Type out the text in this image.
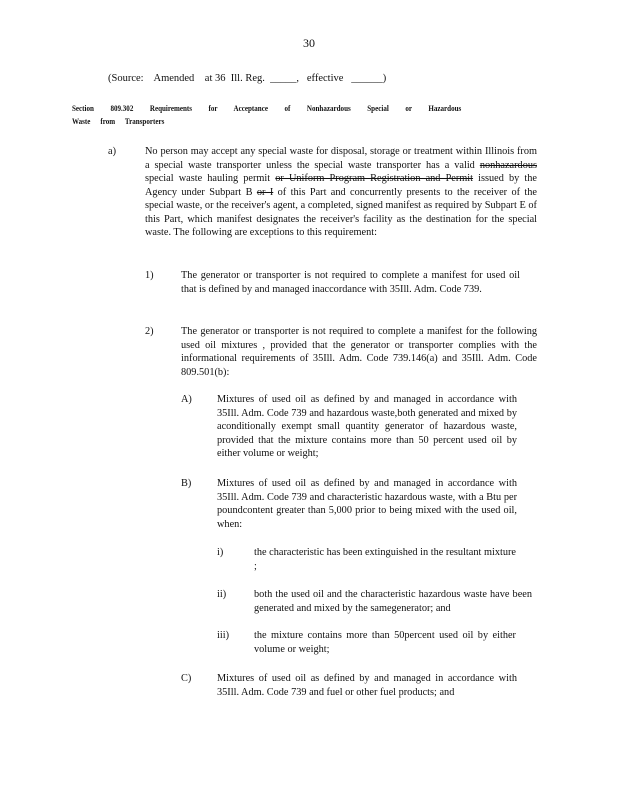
30
(Source:    Amended    at 36  Ill. Reg.  _____,   effective   ______)
Section 809.302 Requirements for Acceptance of Nonhazardous Special or Hazardous
Waste from Transporters
a)	No person may accept any special waste for disposal, storage or treatment within Illinois from a special waste transporter unless the special waste transporter has a valid nonhazardous special waste hauling permit or Uniform Program Registration and Permit issued by the Agency under Subpart B or I of this Part and concurrently presents to the receiver of the special waste, or the receiver's agent, a completed, signed manifest as required by Subpart E of this Part, which manifest designates the receiver's facility as the destination for the special waste. The following are exceptions to this requirement:
1)	The generator or transporter is not required to complete a manifest for used oil that is defined by and managed inaccordance with 35Ill. Adm. Code 739.
2)	The generator or transporter is not required to complete a manifest for the following used oil mixtures , provided that the generator or transporter complies with the informational requirements of 35Ill. Adm. Code 739.146(a) and 35Ill. Adm. Code 809.501(b):
A) Mixtures of used oil as defined by and managed in accordance with 35Ill. Adm. Code 739 and hazardous waste,both generated and mixed by aconditionally exempt small quantity generator of hazardous waste, provided that the mixture contains more than 50 percent used oil by either volume or weight;
B) Mixtures of used oil as defined by and managed in accordance with 35Ill. Adm. Code 739 and characteristic hazardous waste, with a Btu per poundcontent greater than 5,000 prior to being mixed with the used oil, when:
i)	the characteristic has been extinguished in the resultant mixture ;
ii)	both the used oil and the characteristic hazardous waste have been generated and mixed by the samegenerator; and
iii) the mixture contains more than 50percent used oil by either volume or weight;
C) Mixtures of used oil as defined by and managed in accordance with 35Ill. Adm. Code 739 and fuel or other fuel products; and
